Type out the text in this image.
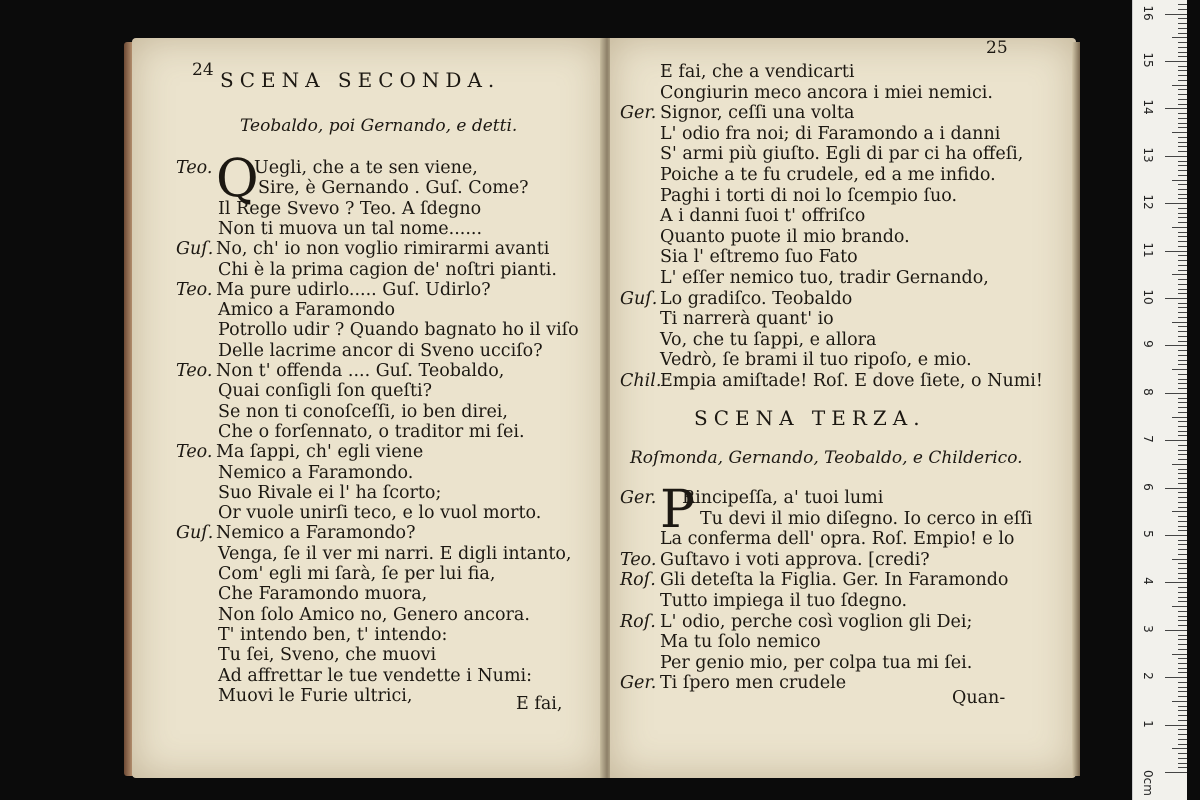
24 SCENA SECONDA.
Teobaldo, poi Gernando, e detti.
Q
Teo. Uegli, che a te sen viene,
Sire, è Gernando . Guſ. Come?
Il Rege Svevo ? Teo. A ſdegno
Non ti muova un tal nome......
Guſ. No, ch' io non voglio rimirarmi avanti
Chi è la prima cagion de' noſtri pianti.
Teo. Ma pure udirlo..... Guſ. Udirlo?
Amico a Faramondo
Potrollo udir ? Quando bagnato ho il viſo
Delle lacrime ancor di Sveno ucciſo?
Teo. Non t' offenda .... Guſ. Teobaldo,
Quai conſigli ſon queſti?
Se non ti conoſceſſi, io ben direi,
Che o forſennato, o traditor mi ſei.
Teo. Ma ſappi, ch' egli viene
Nemico a Faramondo.
Suo Rivale ei l' ha ſcorto;
Or vuole unirſi teco, e lo vuol morto.
Guſ. Nemico a Faramondo?
Venga, ſe il ver mi narri. E digli intanto,
Com' egli mi ſarà, ſe per lui fia,
Che Faramondo muora,
Non ſolo Amico no, Genero ancora.
T' intendo ben, t' intendo:
Tu ſei, Sveno, che muovi
Ad affrettar le tue vendette i Numi:
Muovi le Furie ultrici,	E fai,
25
E fai, che a vendicarti
Congiurin meco ancora i miei nemici.
Ger. Signor, ceſſi una volta
L' odio fra noi; di Faramondo a i danni
S' armi più giuſto. Egli di par ci ha offeſi,
Poiche a te fu crudele, ed a me infido.
Paghi i torti di noi lo ſcempio ſuo.
A i danni ſuoi t' offriſco
Quanto puote il mio brando.
Sia l' eſtremo ſuo Fato
L' eſſer nemico tuo, tradir Gernando,
Guſ. Lo gradiſco. Teobaldo
Ti narrerà quant' io
Vo, che tu ſappi, e allora
Vedrò, ſe brami il tuo ripoſo, e mio.
Chil.
Empia amiſtade! Roſ. E dove ſiete, o Numi!
SCENA TERZA.
Roſmonda, Gernando, Teobaldo, e Childerico.
P
Ger. Rincipeſſa, a' tuoi lumi
Tu devi il mio diſegno. Io cerco in eſſi
La conferma dell' opra. Roſ. Empio! e lo
Teo. Guſtavo i voti approva. [credi?
Roſ. Gli deteſta la Figlia. Ger. In Faramondo
Tutto impiega il tuo ſdegno.
Roſ. L' odio, perche così voglion gli Dei;
Ma tu ſolo nemico
Per genio mio, per colpa tua mi ſei.
Ger. Ti ſpero men crudele
Quan-
0cm
1
2
3
4
5
6
7
8
9
10
11
12
13
14
15
16
